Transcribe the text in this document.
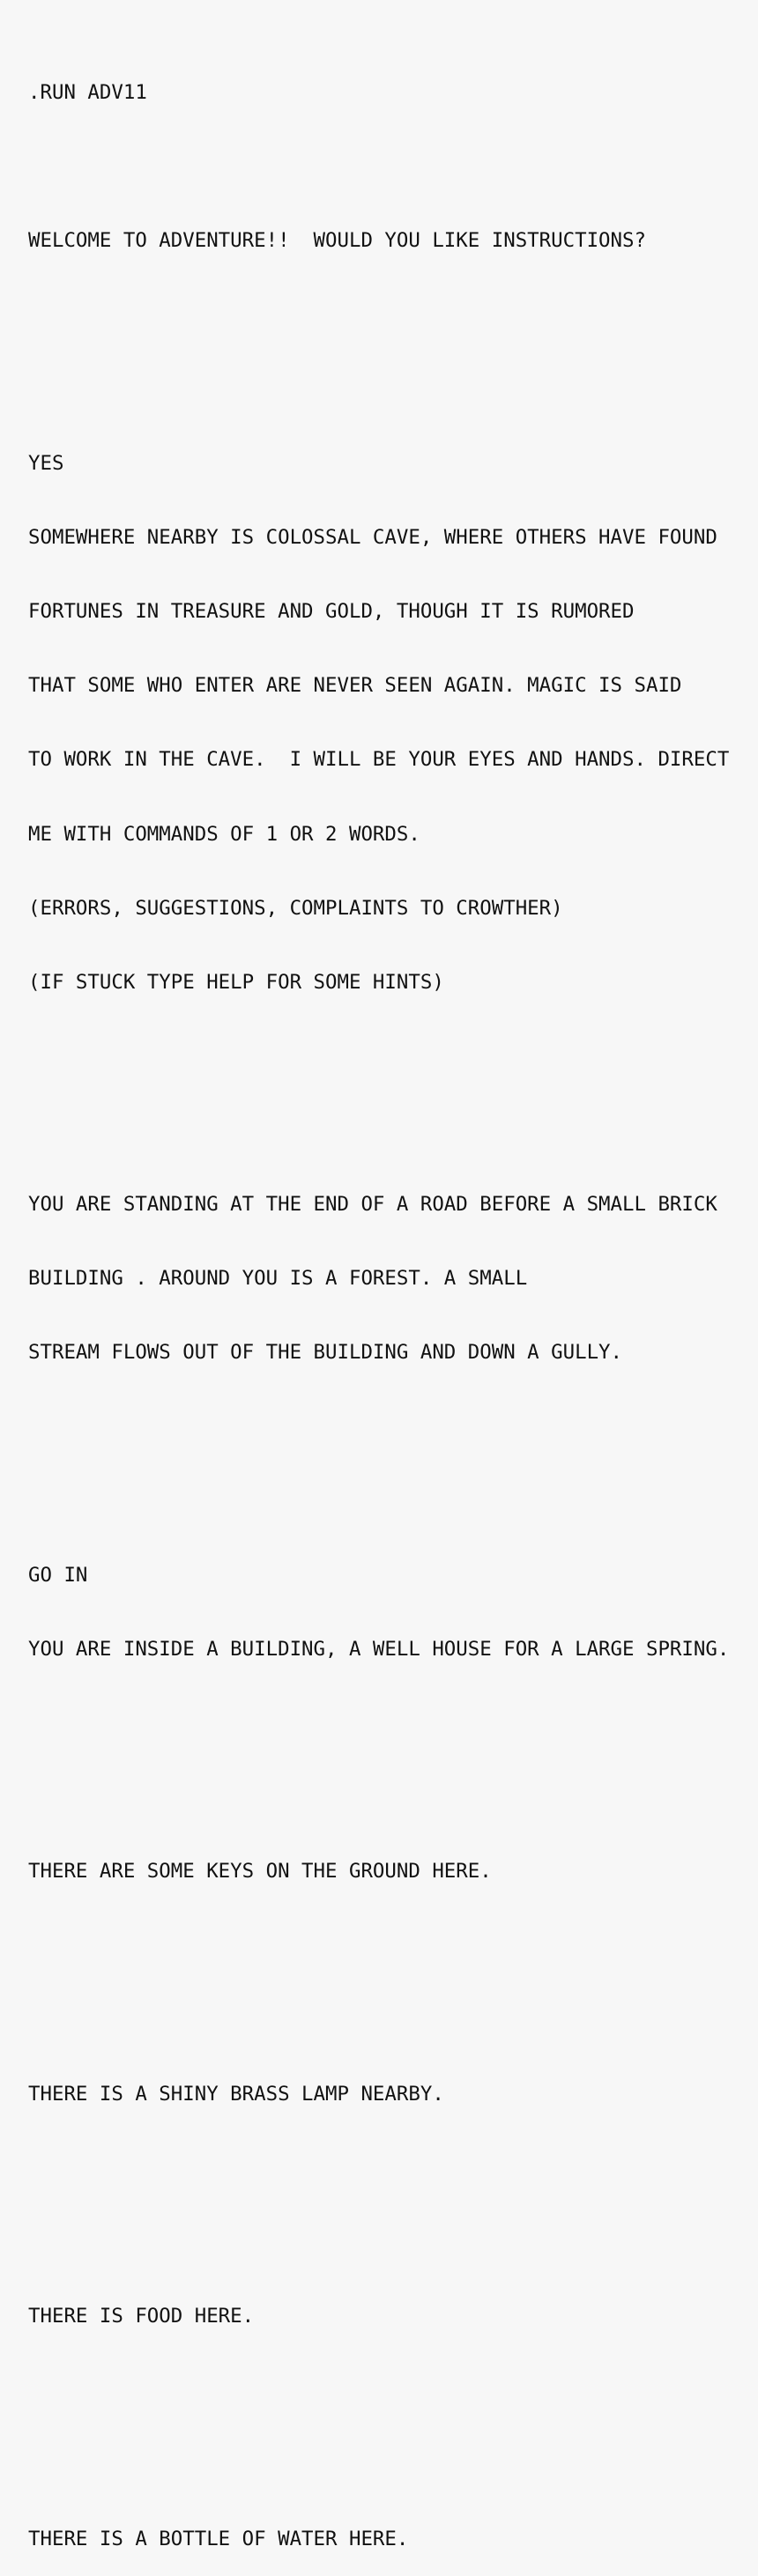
.RUN ADV11

WELCOME TO ADVENTURE!!  WOULD YOU LIKE INSTRUCTIONS?

YES

SOMEWHERE NEARBY IS COLOSSAL CAVE, WHERE OTHERS HAVE FOUND

FORTUNES IN TREASURE AND GOLD, THOUGH IT IS RUMORED

THAT SOME WHO ENTER ARE NEVER SEEN AGAIN. MAGIC IS SAID

TO WORK IN THE CAVE.  I WILL BE YOUR EYES AND HANDS. DIRECT

ME WITH COMMANDS OF 1 OR 2 WORDS.

(ERRORS, SUGGESTIONS, COMPLAINTS TO CROWTHER)

(IF STUCK TYPE HELP FOR SOME HINTS)

YOU ARE STANDING AT THE END OF A ROAD BEFORE A SMALL BRICK

BUILDING . AROUND YOU IS A FOREST. A SMALL

STREAM FLOWS OUT OF THE BUILDING AND DOWN A GULLY.

GO IN

YOU ARE INSIDE A BUILDING, A WELL HOUSE FOR A LARGE SPRING.

THERE ARE SOME KEYS ON THE GROUND HERE.

THERE IS A SHINY BRASS LAMP NEARBY.

THERE IS FOOD HERE.

THERE IS A BOTTLE OF WATER HERE.
